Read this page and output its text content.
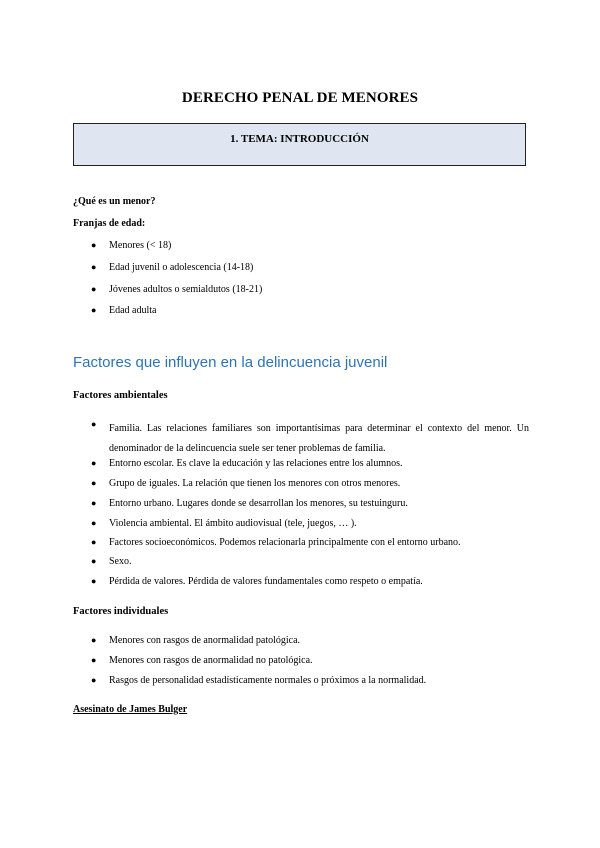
DERECHO PENAL DE MENORES
1. TEMA: INTRODUCCIÓN
¿Qué es un menor?
Franjas de edad:
● Menores (< 18)
● Edad juvenil o adolescencia (14-18)
● Jóvenes adultos o semialdutos (18-21)
● Edad adulta
Factores que influyen en la delincuencia juvenil
Factores ambientales
●
● Entorno escolar. Es clave la educación y las relaciones entre los alumnos.
● Grupo de iguales. La relación que tienen los menores con otros menores.
● Entorno urbano. Lugares donde se desarrollan los menores, su testuinguru.
● Violencia ambiental. El ámbito audiovisual (tele, juegos, … ).
● Factores socioeconómicos. Podemos relacionarla principalmente con el entorno urbano.
● Sexo.
● Pérdida de valores. Pérdida de valores fundamentales como respeto o empatía.
Familia. Las relaciones familiares son importantísimas para determinar el contexto del menor. Un denominador de la delincuencia suele ser tener problemas de familia.
Factores individuales
● Menores con rasgos de anormalidad patológica.
● Menores con rasgos de anormalidad no patológica.
● Rasgos de personalidad estadísticamente normales o próximos a la normalidad.
Asesinato de James Bulger
